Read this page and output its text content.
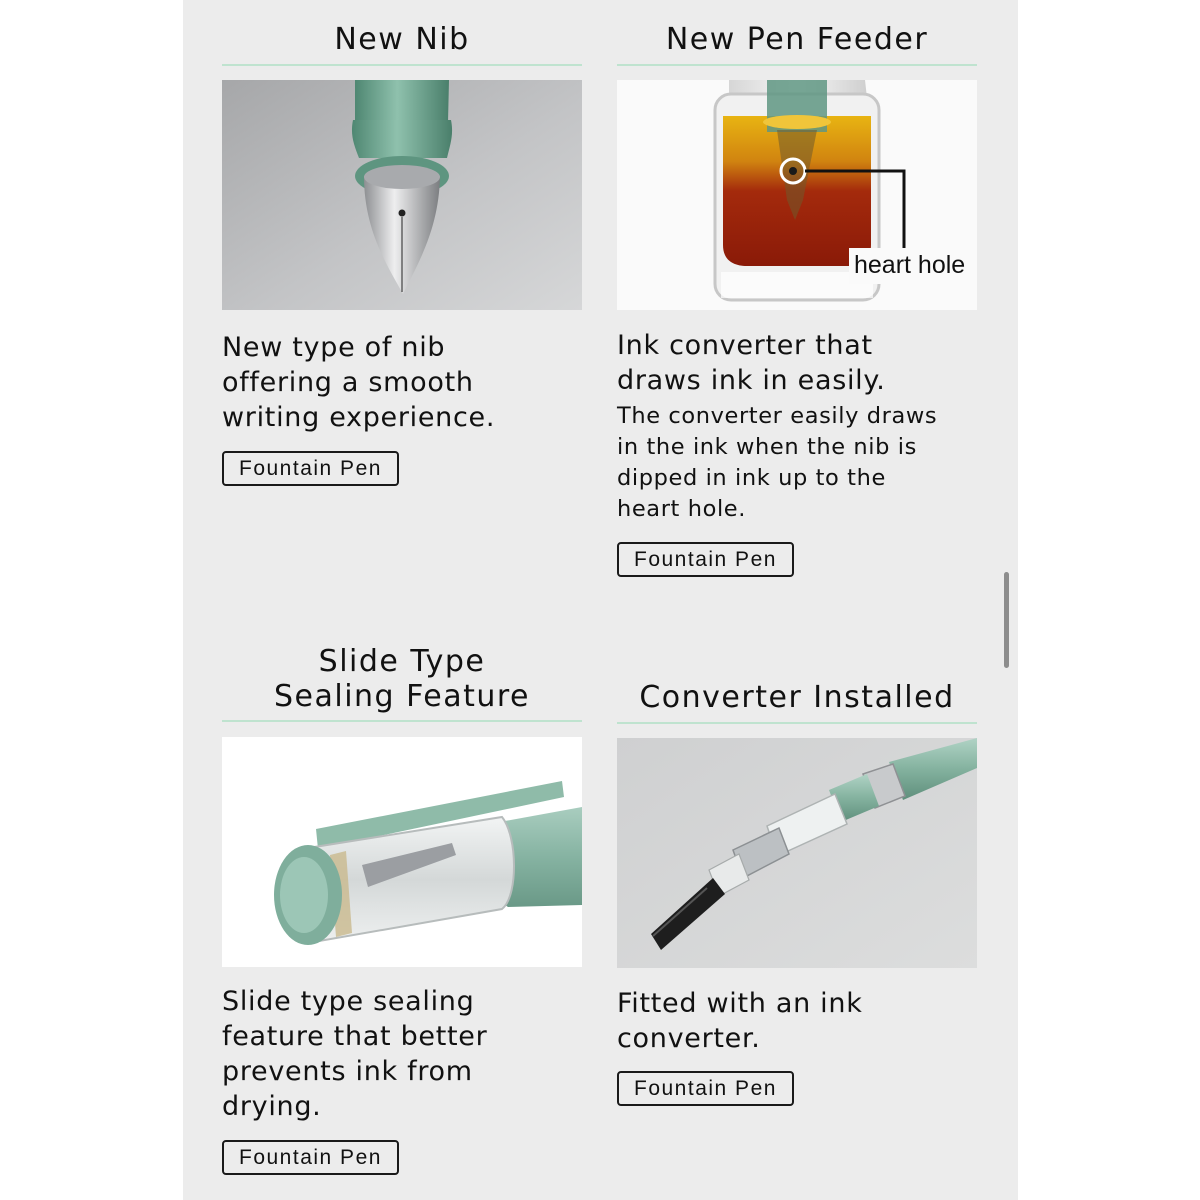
New Nib

New type of nib
offering a smooth
writing experience.

Fountain Pen
New Pen Feeder
heart hole

Ink converter that
draws ink in easily.

The converter easily draws
in the ink when the nib is
dipped in ink up to the
heart hole.

Fountain Pen
Slide Type
Sealing Feature

Slide type sealing
feature that better
prevents ink from
drying.

Fountain Pen
Converter Installed

Fitted with an ink
converter.

Fountain Pen
